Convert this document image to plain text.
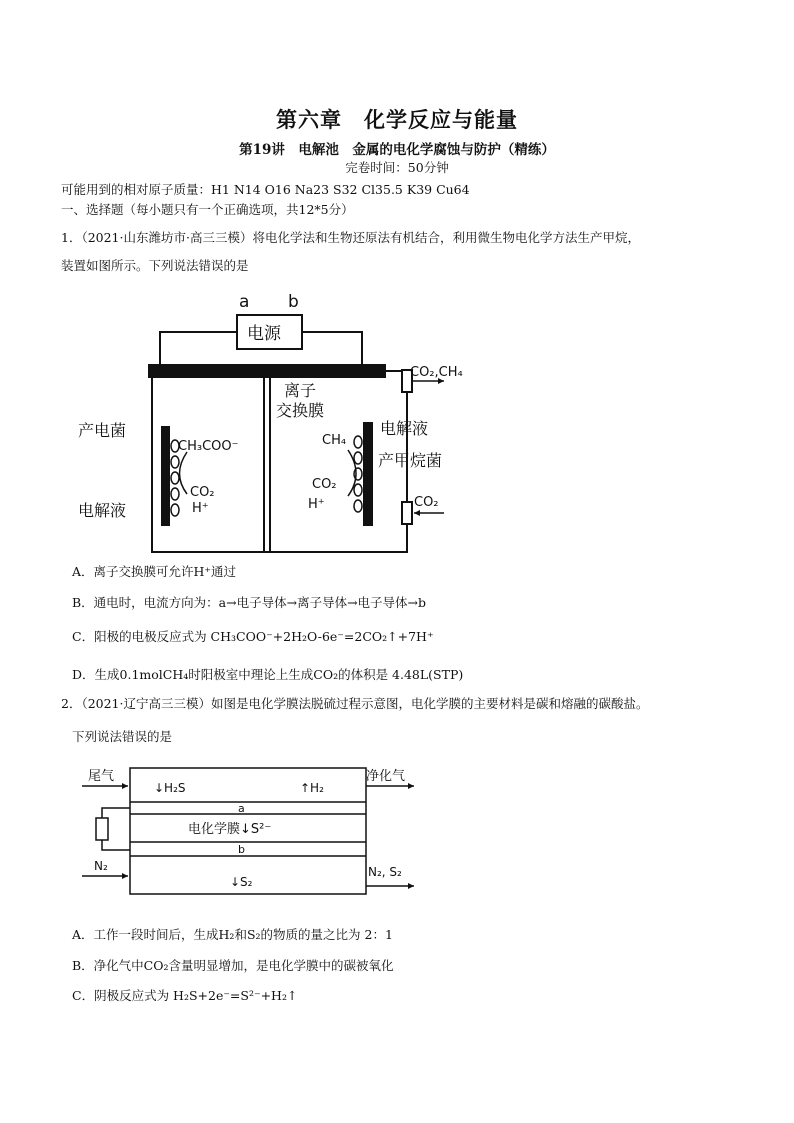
第六章　化学反应与能量
第19讲　电解池　金属的电化学腐蚀与防护（精练）
完卷时间：50分钟
可能用到的相对原子质量：H1 N14 O16 Na23 S32 Cl35.5 K39 Cu64
一、选择题（每小题只有一个正确选项，共12*5分）
1．（2021·山东潍坊市·高三三模）将电化学法和生物还原法有机结合，利用微生物电化学方法生产甲烷，
装置如图所示。下列说法错误的是
a b
电源
CO₂,CH₄
离子
交换膜
产电菌
CH₃COO⁻
CO₂
H⁺
电解液
CH₄
CO₂
H⁺
电解液
产甲烷菌
CO₂
A．离子交换膜可允许H⁺通过
B．通电时，电流方向为：a→电子导体→离子导体→电子导体→b
C．阳极的电极反应式为 CH₃COO⁻+2H₂O-6e⁻=2CO₂↑+7H⁺
D．生成0.1molCH₄时阳极室中理论上生成CO₂的体积是 4.48L(STP)
2．（2021·辽宁高三三模）如图是电化学膜法脱硫过程示意图，电化学膜的主要材料是碳和熔融的碳酸盐。
下列说法错误的是
尾气
↓H₂S	↑H₂
净化气
a
电化学膜↓S²⁻
b
N₂
↓S₂
N₂, S₂
A．工作一段时间后，生成H₂和S₂的物质的量之比为 2：1
B．净化气中CO₂含量明显增加，是电化学膜中的碳被氧化
C．阴极反应式为 H₂S+2e⁻=S²⁻+H₂↑
